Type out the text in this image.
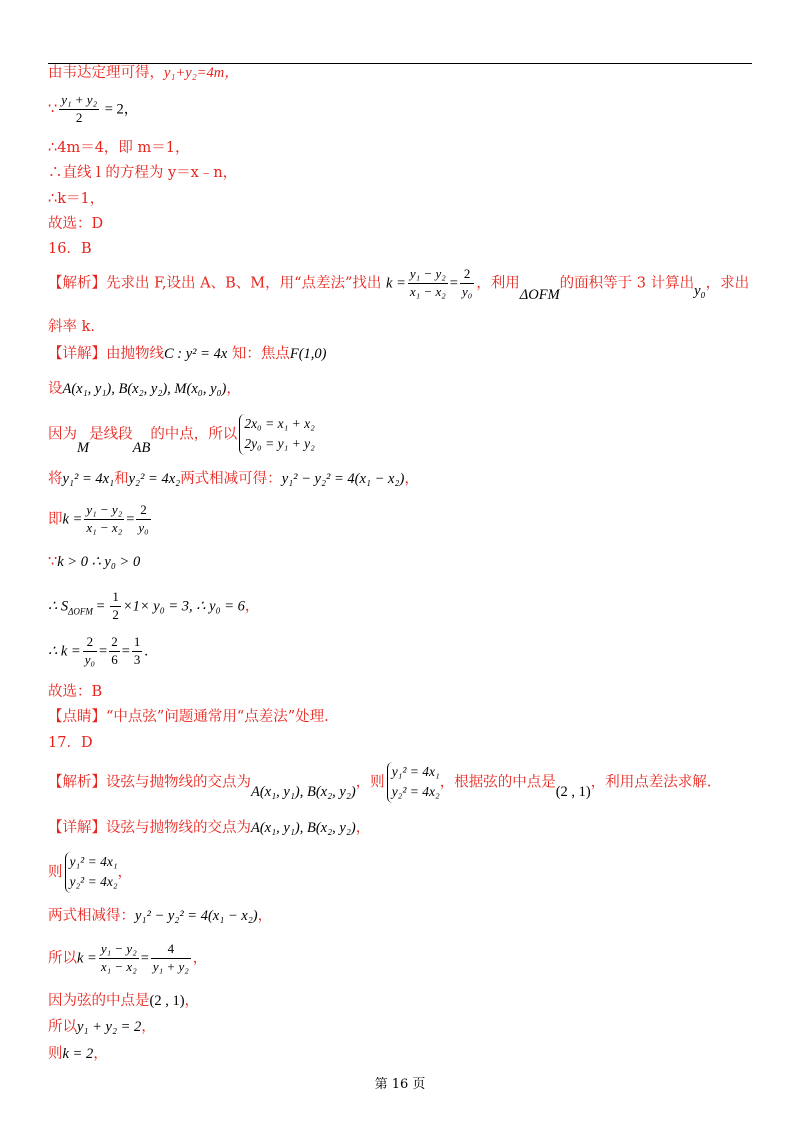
由韦达定理可得，y₁+y₂=4m，
∵ $\frac{\text{y₁ + y₂}}{2} = 2$，
∴4m＝4，即 m＝1，
∴直线 l 的方程为 y＝x﹣n，
∴k＝1，
故选：D
16．B
【解析】先求出 F,设出 A、B、M，用“点差法”找出 $k = \frac{\text{y₁ − y₂}}{\text{x₁ − x₂}} = \frac{2}{\text{y₀}}$ ，利用ΔOFM的面积等于 3 计算出y₀，求出
斜率 k.
【详解】由抛物线C : y² = 4x 知：焦点F(1,0)
设A(x₁, y₁), B(x₂, y₂), M(x₀, y₀)，
因为M是线段AB的中点，所以
2x₀ = x₁ + x₂
2y₀ = y₁ + y₂
将y₁² = 4x₁和y₂² = 4x₂两式相减可得：y₁² − y₂² = 4(x₁ − x₂)，
即$k = \frac{\text{y₁ − y₂}}{\text{x₁ − x₂}} = \frac{2}{\text{y₀}}$
∵k > 0 ∴ y₀ > 0
∴ $S_{\Delta OFM} = \frac{1}{2} \times 1\times y_0 = 3$, ∴ y₀ = 6，
∴ $k = \frac{2}{\text{y₀}} = \frac{2}{6} = \frac{1}{3}$ .
故选：B
【点睛】“中点弦”问题通常用“点差法”处理.
17．D
【解析】设弦与抛物线的交点为A(x₁, y₁), B(x₂, y₂)，则
y₁² = 4x₁
y₂² = 4x₂
，根据弦的中点是(2 , 1)，利用点差法求解.
【详解】设弦与抛物线的交点为A(x₁, y₁), B(x₂, y₂)，
则
y₁² = 4x₁
y₂² = 4x₂
，
两式相减得：y₁² − y₂² = 4(x₁ − x₂)，
所以$k = \frac{\text{y₁ − y₂}}{\text{x₁ − x₂}} = \frac{4}{\text{y₁ + y₂}}$ ，
因为弦的中点是(2 , 1)，
所以y₁ + y₂ = 2，
则k = 2，
第 16 页
